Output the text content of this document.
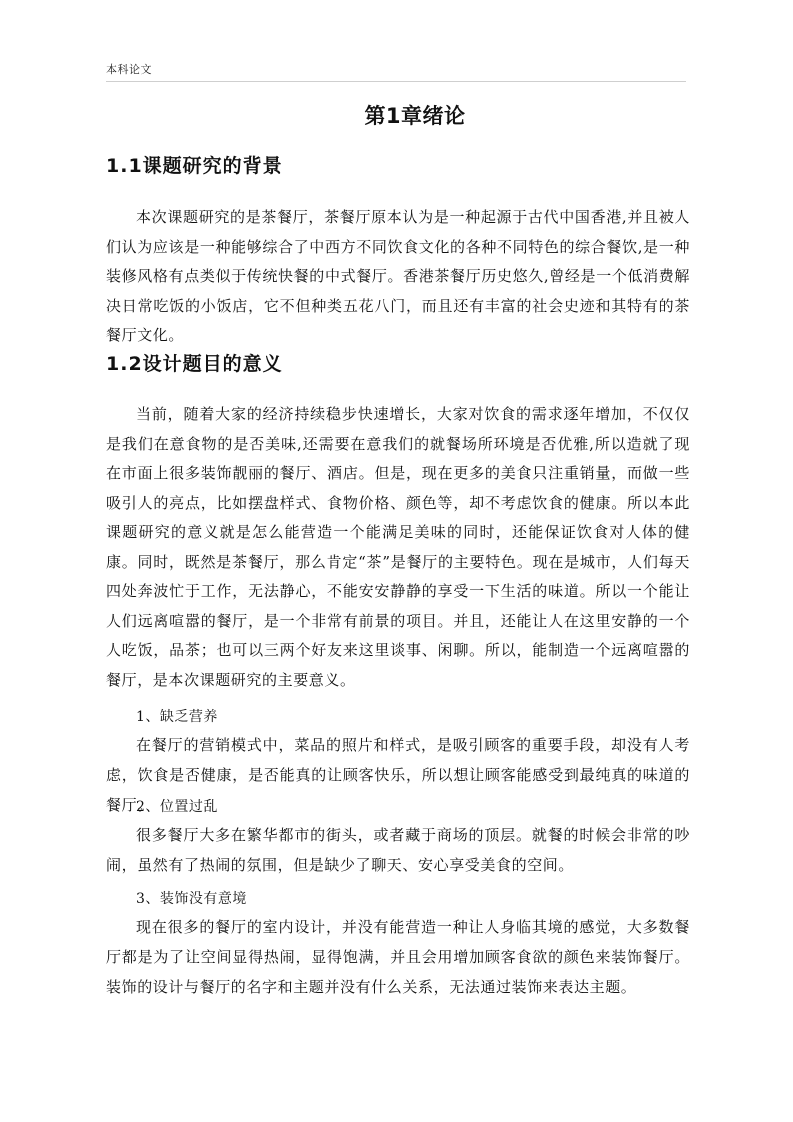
本科论文
第1章绪论
1.1课题研究的背景
本次课题研究的是茶餐厅，茶餐厅原本认为是一种起源于古代中国香港,并且被人们认为应该是一种能够综合了中西方不同饮食文化的各种不同特色的综合餐饮,是一种装修风格有点类似于传统快餐的中式餐厅。香港茶餐厅历史悠久,曾经是一个低消费解决日常吃饭的小饭店，它不但种类五花八门，而且还有丰富的社会史迹和其特有的茶餐厅文化。
1.2设计题目的意义
当前，随着大家的经济持续稳步快速增长，大家对饮食的需求逐年增加，不仅仅是我们在意食物的是否美味,还需要在意我们的就餐场所环境是否优雅,所以造就了现在市面上很多装饰靓丽的餐厅、酒店。但是，现在更多的美食只注重销量，而做一些吸引人的亮点，比如摆盘样式、食物价格、颜色等，却不考虑饮食的健康。所以本此课题研究的意义就是怎么能营造一个能满足美味的同时，还能保证饮食对人体的健康。同时，既然是茶餐厅，那么肯定“茶”是餐厅的主要特色。现在是城市，人们每天四处奔波忙于工作，无法静心，不能安安静静的享受一下生活的味道。所以一个能让人们远离喧嚣的餐厅，是一个非常有前景的项目。并且，还能让人在这里安静的一个人吃饭，品茶；也可以三两个好友来这里谈事、闲聊。所以，能制造一个远离喧嚣的餐厅，是本次课题研究的主要意义。
1、缺乏营养
在餐厅的营销模式中，菜品的照片和样式，是吸引顾客的重要手段，却没有人考虑，饮食是否健康，是否能真的让顾客快乐，所以想让顾客能感受到最纯真的味道的餐厅。
2、位置过乱
很多餐厅大多在繁华都市的街头，或者藏于商场的顶层。就餐的时候会非常的吵闹，虽然有了热闹的氛围，但是缺少了聊天、安心享受美食的空间。
3、装饰没有意境
现在很多的餐厅的室内设计，并没有能营造一种让人身临其境的感觉，大多数餐厅都是为了让空间显得热闹，显得饱满，并且会用增加顾客食欲的颜色来装饰餐厅。装饰的设计与餐厅的名字和主题并没有什么关系，无法通过装饰来表达主题。
